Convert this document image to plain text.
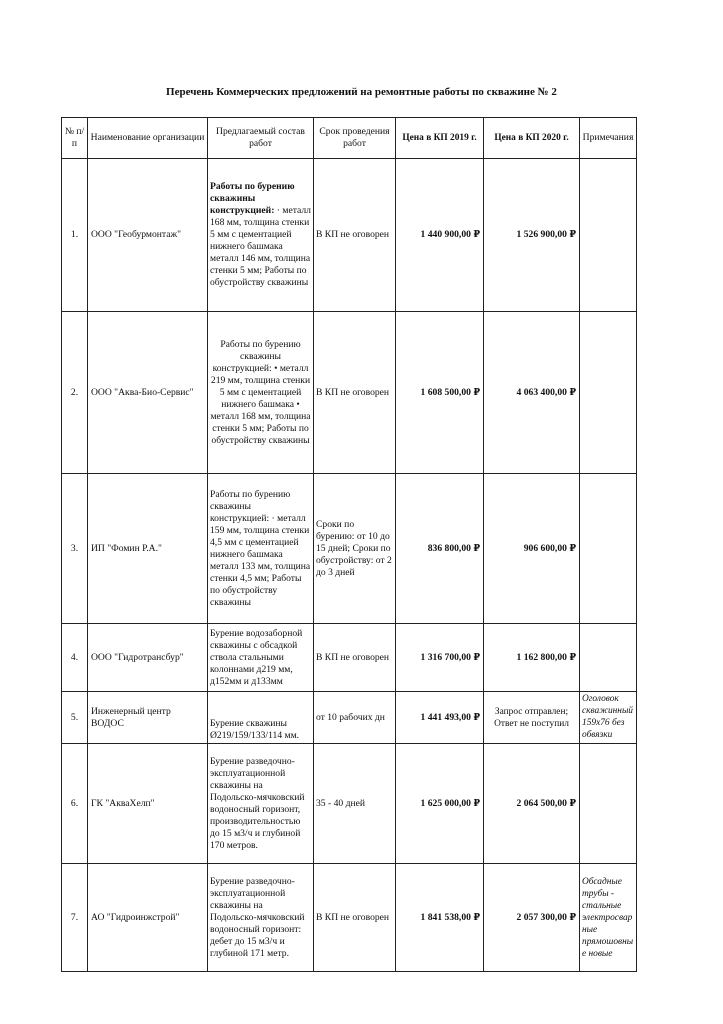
Перечень Коммерческих предложений на ремонтные работы по скважине № 2
№ п/п	Наименование организации	Предлагаемый состав работ	Срок проведения работ	Цена в КП 2019 г.	Цена в КП 2020 г.	Примечания
1.	ООО "Геобурмонтаж"	Работы по бурению скважины конструкцией: · металл 168 мм, толщина стенки 5 мм с цементацией нижнего башмака металл 146 мм, толщина стенки 5 мм; Работы по обустройству скважины	В КП не оговорен	1 440 900,00 ₽	1 526 900,00 ₽	
2.	ООО "Аква-Био-Сервис"	Работы по бурению скважины конструкцией: • металл 219 мм, толщина стенки 5 мм с цементацией нижнего башмака • металл 168 мм, толщина стенки 5 мм; Работы по обустройству скважины	В КП не оговорен	1 608 500,00 ₽	4 063 400,00 ₽	
3.	ИП "Фомин Р.А."	Работы по бурению скважины конструкцией: · металл 159 мм, толщина стенки 4,5 мм с цементацией нижнего башмака металл 133 мм, толщина стенки 4,5 мм; Работы по обустройству скважины	Сроки по бурению: от 10 до 15 дней; Сроки по обустройству: от 2 до 3 дней	836 800,00 ₽	906 600,00 ₽	
4.	ООО "Гидротрансбур"	Бурение водозаборной скважины с обсадкой ствола стальными колоннами д219 мм, д152мм и д133мм	В КП не оговорен	1 316 700,00 ₽	1 162 800,00 ₽	
5.	Инженерный центр ВОДОС	Бурение скважины Ø219/159/133/114 мм.	от 10 рабочих дн	1 441 493,00 ₽	Запрос отправлен; Ответ не поступил	Оголовок скважинный 159х76 без обвязки
6.	ГК "АкваХелп"	Бурение разведочно-эксплуатационной скважины на Подольско-мячковский водоносный горизонт, производительностью до 15 м3/ч и глубиной 170 метров.	35 - 40 дней	1 625 000,00 ₽	2 064 500,00 ₽	
7.	АО "Гидроинжстрой"	Бурение разведочно-эксплуатационной скважины на Подольско-мячковский водоносный горизонт: дебет до 15 м3/ч и глубиной 171 метр.	В КП не оговорен	1 841 538,00 ₽	2 057 300,00 ₽	Обсадные трубы - стальные электросварные прямошовные новые
